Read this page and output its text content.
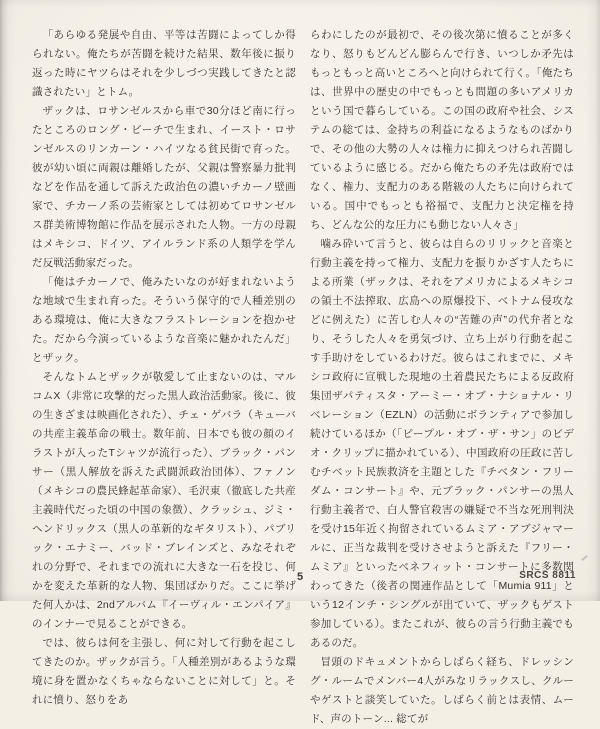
「あらゆる発展や自由、平等は苦闘によってしか得られない。俺たちが苦闘を続けた結果、数年後に振り返った時にヤツらはそれを少しづつ実践してきたと認識されたい」とトム。

ザックは、ロサンゼルスから車で30分ほど南に行ったところのロング・ビーチで生まれ、イースト・ロサンゼルスのリンカーン・ハイツなる貧民街で育った。彼が幼い頃に両親は離婚したが、父親は警察暴力批判などを作品を通して訴えた政治色の濃いチカーノ壁画家で、チカーノ系の芸術家としては初めてロサンゼルス群美術博物館に作品を展示された人物。一方の母親はメキシコ、ドイツ、アイルランド系の人類学を学んだ反戦活動家だった。

「俺はチカーノで、俺みたいなのが好まれないような地域で生まれ育った。そういう保守的で人種差別のある環境は、俺に大きなフラストレーションを抱かせた。だから今演っているような音楽に魅かれたんだ」とザック。

そんなトムとザックが敬愛して止まないのは、マルコムX（非常に攻撃的だった黒人政治活動家。後に、彼の生きざまは映画化された）、チェ・ゲバラ（キューバの共産主義革命の戦士。数年前、日本でも彼の顔のイラストが入ったTシャツが流行った）、ブラック・パンサー（黒人解放を訴えた武闘派政治団体）、ファノン（メキシコの農民蜂起革命家）、毛沢東（徹底した共産主義時代だった頃の中国の象徴）、クラッシュ、ジミ・ヘンドリックス（黒人の革新的なギタリスト）、パブリック・エナミー、バッド・ブレインズと、みなそれぞれの分野で、それまでの流れに大きな一石を投じ、何かを変えた革新的な人物、集団ばかりだ。ここに挙げた何人かは、2ndアルバム『イーヴィル・エンパイア』のインナーで見ることができる。

では、彼らは何を主張し、何に対して行動を起こしてきたのか。ザックが言う。「人種差別があるような環境に身を置かなくちゃならないことに対して」と。それに憤り、怒りをあ

らわにしたのが最初で、その後次第に憤ることが多くなり、怒りもどんどん膨らんで行き、いつしか矛先はもっともっと高いところへと向けられて行く。「俺たちは、世界中の歴史の中でもっとも問題の多いアメリカという国で暮らしている。この国の政府や社会、システムの総ては、金持ちの利益になるようなものばかりで、その他の大勢の人々は権力に抑えつけられ苦闘しているように感じる。だから俺たちの矛先は政府ではなく、権力、支配力のある階級の人たちに向けられている。国中でもっとも裕福で、支配力と決定権を持ち、どんな公的な圧力にも動じない人々さ」

噛み砕いて言うと、彼らは自らのリリックと音楽と行動主義を持って権力、支配力を振りかざす人たちによる所業（ザックは、それをアメリカによるメキシコの領土不法搾取、広島への原爆投下、ベトナム侵攻などに例えた）に苦しむ人々の“苦難の声”の代弁者となり、そうした人々を勇気づけ、立ち上がり行動を起こす手助けをしているわけだ。彼らはこれまでに、メキシコ政府に宣戦した現地の土着農民たちによる反政府集団ザパティスタ・アーミー・オブ・ナショナル・リベレーション（EZLN）の活動にボランティアで参加し続けているほか（「ピープル・オブ・ザ・サン」のビデオ・クリップに描かれている）、中国政府の圧政に苦しむチベット民族救済を主題とした『チベタン・フリーダム・コンサート』や、元ブラック・パンサーの黒人行動主義者で、白人警官殺害の嫌疑で不当な死刑判決を受け15年近く拘留されているムミア・アブジャマールに、正当な裁判を受けさせようと訴えた『フリー・ムミア』といったベネフィット・コンサートに多数関わってきた（後者の関連作品として「Mumia 911」という12インチ・シングルが出ていて、ザックもゲスト参加している）。またこれが、彼らの言う行動主義でもあるのだ。

冒頭のドキュメントからしばらく経ち、ドレッシング・ルームでメンバー4人がみなリラックスし、クルーやゲストと談笑していた。しばらく前とは表情、ムード、声のトーン... 総てが

5	SRCS 8811
